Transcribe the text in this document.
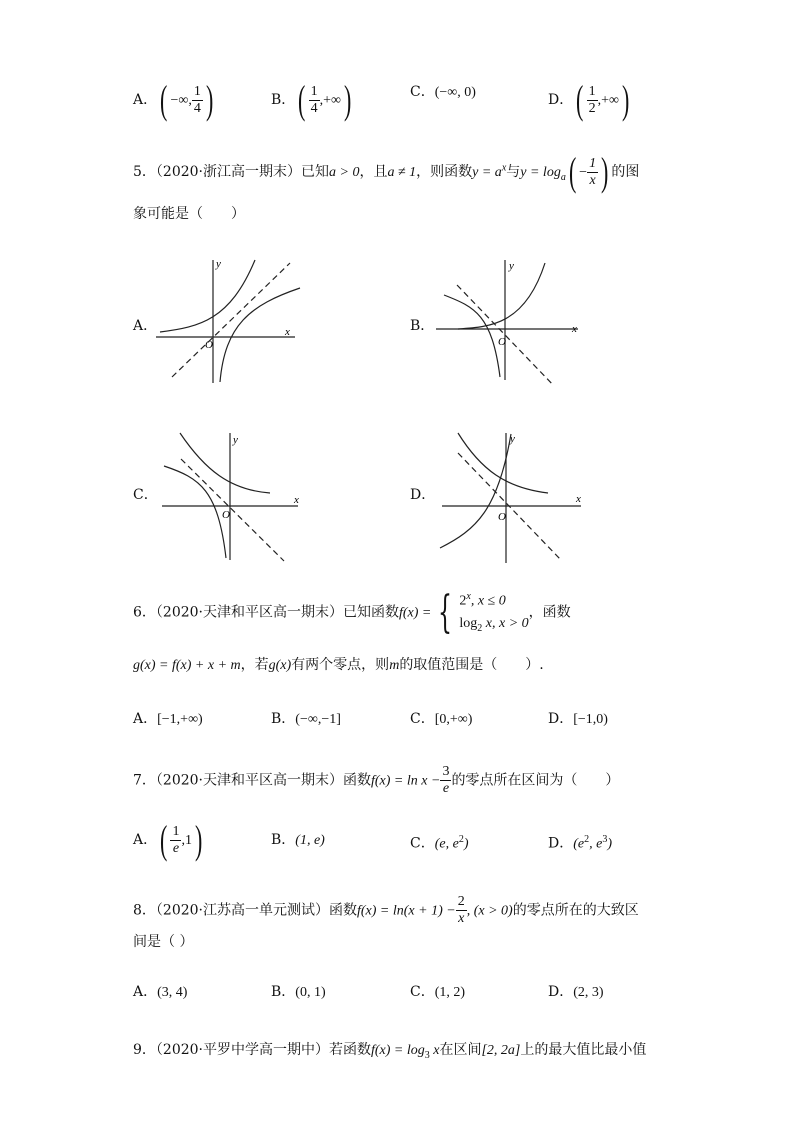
A．( −∞, $\frac{1}{4}$ )	B．( $\frac{1}{4}$ ,+∞)	C．(−∞, 0)	D．( $\frac{1}{2}$ ,+∞)
5．（2020·浙江高一期末）已知a > 0，且a ≠ 1，则函数$y = a^x$与$y = \log_a( - \frac{1}{x}$ ) 的图
象可能是（　　）
A．	B．
C．	D．
y
x
O
y
x
O
y
x
O
y
x
O
6．（2020·天津和平区高一期末）已知函数f(x) = { 2$^x$, x ≤ 0
$\log_2 x$, x > 0
，函数
g(x) = f(x) + x + m，若g(x)有两个零点，则m的取值范围是（　　）.
A．[−1,+∞)	B．(−∞,−1]	C．[0,+∞)	D．[−1,0)
7．（2020·天津和平区高一期末）函数$f(x) = \ln x - \frac{3}{e}$ 的零点所在区间为（　　）
A．( $\frac{1}{e} ,1$)	B．(1, e)	C．(e, $e^2$)	D．($e^2$, $e^3$)
8．（2020·江苏高一单元测试）函数$f(x) = \ln(x + 1) - \frac{2}{x}$ , (x > 0)的零点所在的大致区
间是（ ）
A．(3, 4)	B．(0, 1)	C．(1, 2)	D．(2, 3)
9．（2020·平罗中学高一期中）若函数$f(x) = \log_3 x$在区间[2, 2a]上的最大值比最小值
